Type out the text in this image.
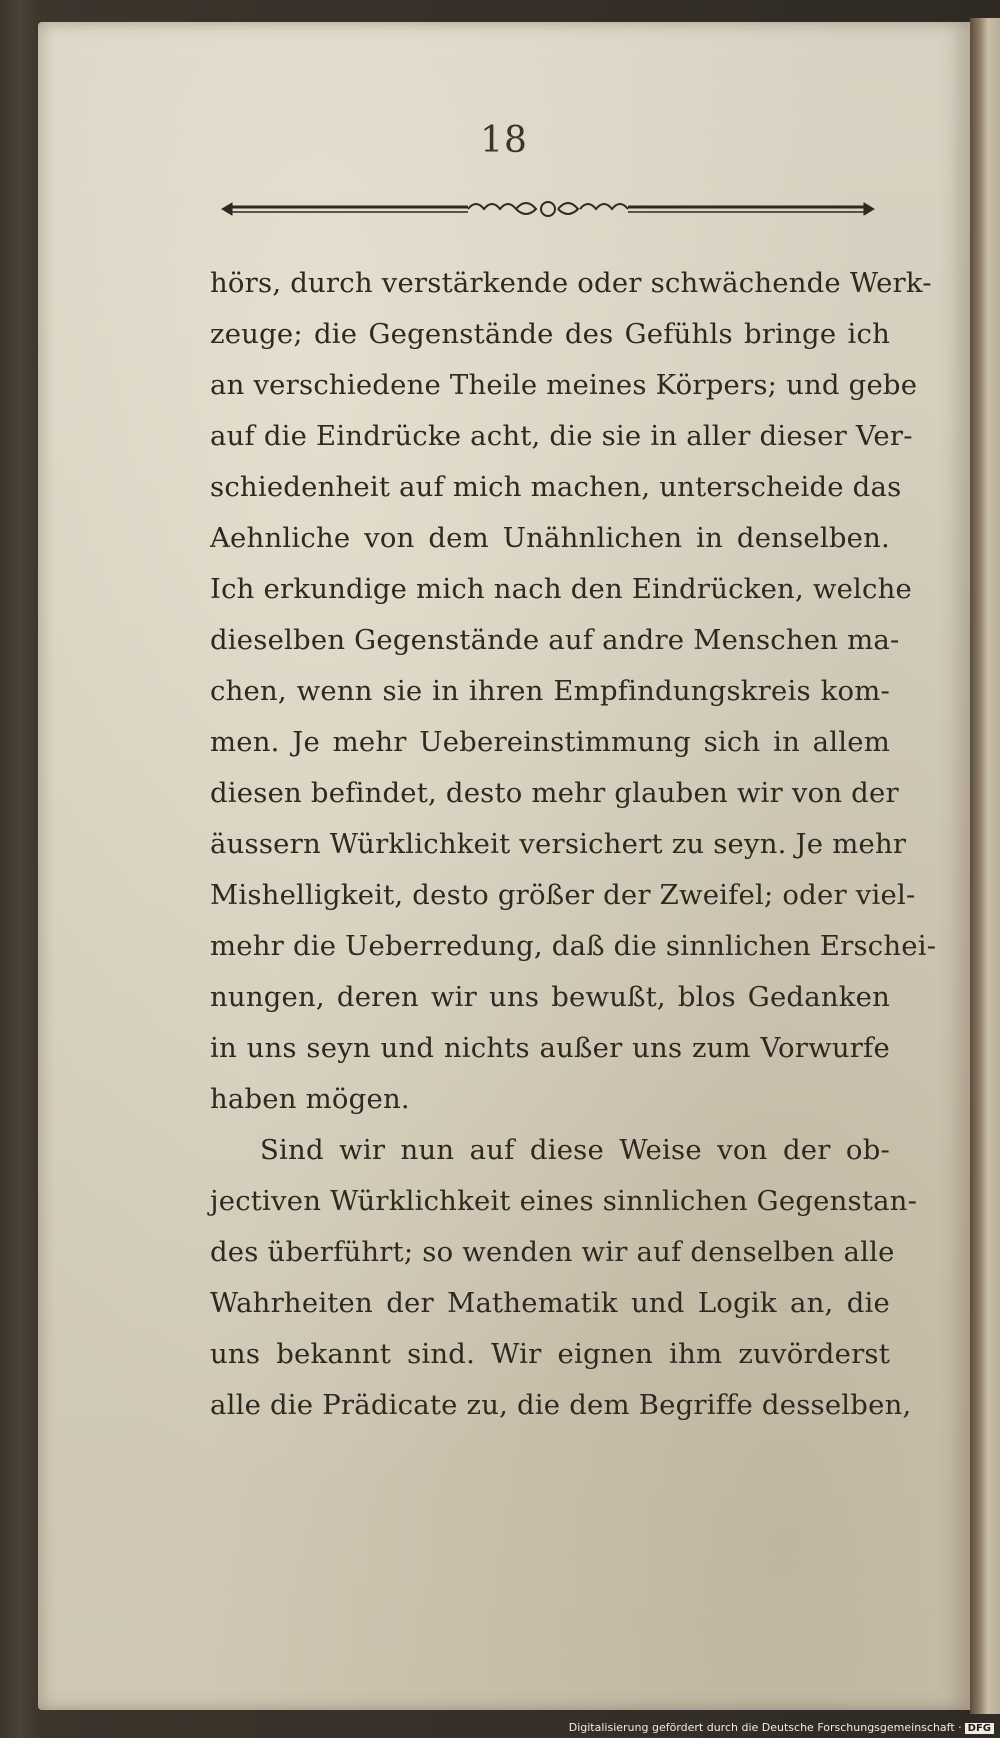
18
hörs, durch verstärkende oder schwächende Werk-
zeuge; die Gegenstände des Gefühls bringe ich
an verschiedene Theile meines Körpers; und gebe
auf die Eindrücke acht, die sie in aller dieser Ver-
schiedenheit auf mich machen, unterscheide das
Aehnliche von dem Unähnlichen in denselben.
Ich erkundige mich nach den Eindrücken, welche
dieselben Gegenstände auf andre Menschen ma-
chen, wenn sie in ihren Empfindungskreis kom-
men. Je mehr Uebereinstimmung sich in allem
diesen befindet, desto mehr glauben wir von der
äussern Würklichkeit versichert zu seyn. Je mehr
Mishelligkeit, desto größer der Zweifel; oder viel-
mehr die Ueberredung, daß die sinnlichen Erschei-
nungen, deren wir uns bewußt, blos Gedanken
in uns seyn und nichts außer uns zum Vorwurfe
haben mögen.
Sind wir nun auf diese Weise von der ob-
jectiven Würklichkeit eines sinnlichen Gegenstan-
des überführt; so wenden wir auf denselben alle
Wahrheiten der Mathematik und Logik an, die
uns bekannt sind. Wir eignen ihm zuvörderst
alle die Prädicate zu, die dem Begriffe desselben,
Digitalisierung gefördert durch die Deutsche Forschungsgemeinschaft · DFG
